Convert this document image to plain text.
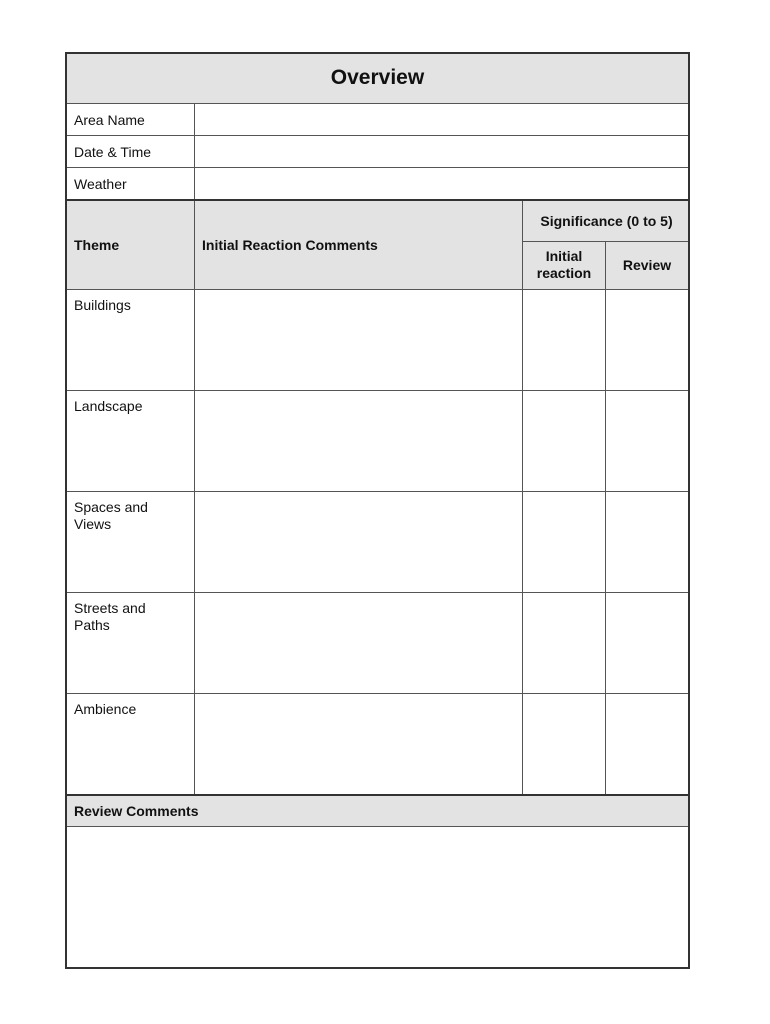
Overview
Area Name
Date & Time
Weather
Theme	Initial Reaction Comments
Significance (0 to 5)
Initial reaction	Review
Buildings
Landscape
Spaces and Views
Streets and Paths
Ambience
Review Comments
